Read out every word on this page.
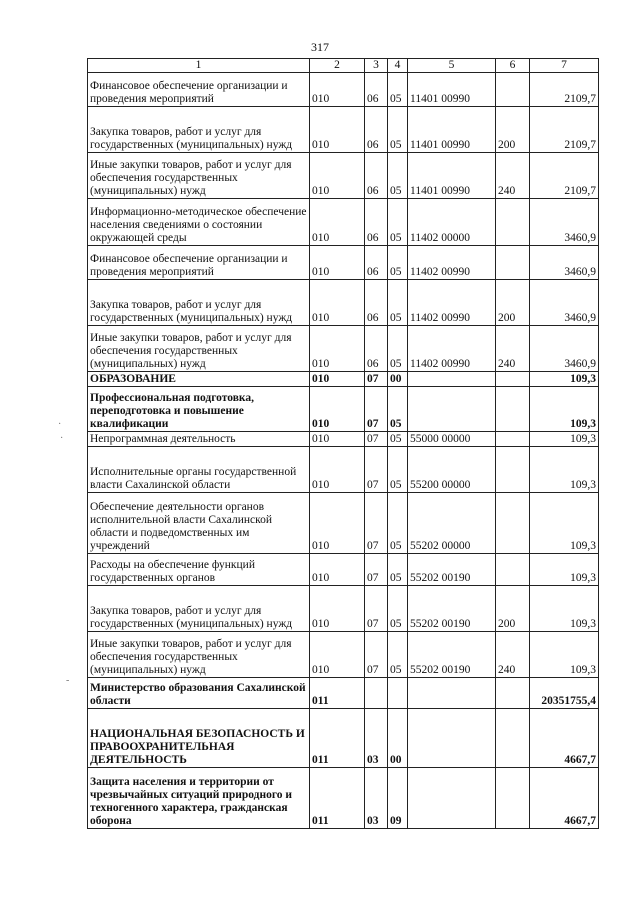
317
1	2	3	4	5	6	7
Финансовое обеспечение организации и проведения мероприятий	010	06	05	11401 00990		2109,7
Закупка товаров, работ и услуг для государственных (муниципальных) нужд	010	06	05	11401 00990	200	2109,7
Иные закупки товаров, работ и услуг для обеспечения государственных (муниципальных) нужд	010	06	05	11401 00990	240	2109,7
Информационно-методическое обеспечение населения сведениями о состоянии окружающей среды	010	06	05	11402 00000		3460,9
Финансовое обеспечение организации и проведения мероприятий	010	06	05	11402 00990		3460,9
Закупка товаров, работ и услуг для государственных (муниципальных) нужд	010	06	05	11402 00990	200	3460,9
Иные закупки товаров, работ и услуг для обеспечения государственных (муниципальных) нужд	010	06	05	11402 00990	240	3460,9
ОБРАЗОВАНИЕ	010	07	00			109,3
Профессиональная подготовка, переподготовка и повышение квалификации	010	07	05			109,3
Непрограммная деятельность	010	07	05	55000 00000		109,3
Исполнительные органы государственной власти Сахалинской области	010	07	05	55200 00000		109,3
Обеспечение деятельности органов исполнительной власти Сахалинской области и подведомственных им учреждений	010	07	05	55202 00000		109,3
Расходы на обеспечение функций государственных органов	010	07	05	55202 00190		109,3
Закупка товаров, работ и услуг для государственных (муниципальных) нужд	010	07	05	55202 00190	200	109,3
Иные закупки товаров, работ и услуг для обеспечения государственных (муниципальных) нужд	010	07	05	55202 00190	240	109,3
Министерство образования Сахалинской области	011					20351755,4
НАЦИОНАЛЬНАЯ БЕЗОПАСНОСТЬ И ПРАВООХРАНИТЕЛЬНАЯ ДЕЯТЕЛЬНОСТЬ	011	03	00			4667,7
Защита населения и территории от чрезвычайных ситуаций природного и техногенного характера, гражданская оборона	011	03	09			4667,7
·
·
-
